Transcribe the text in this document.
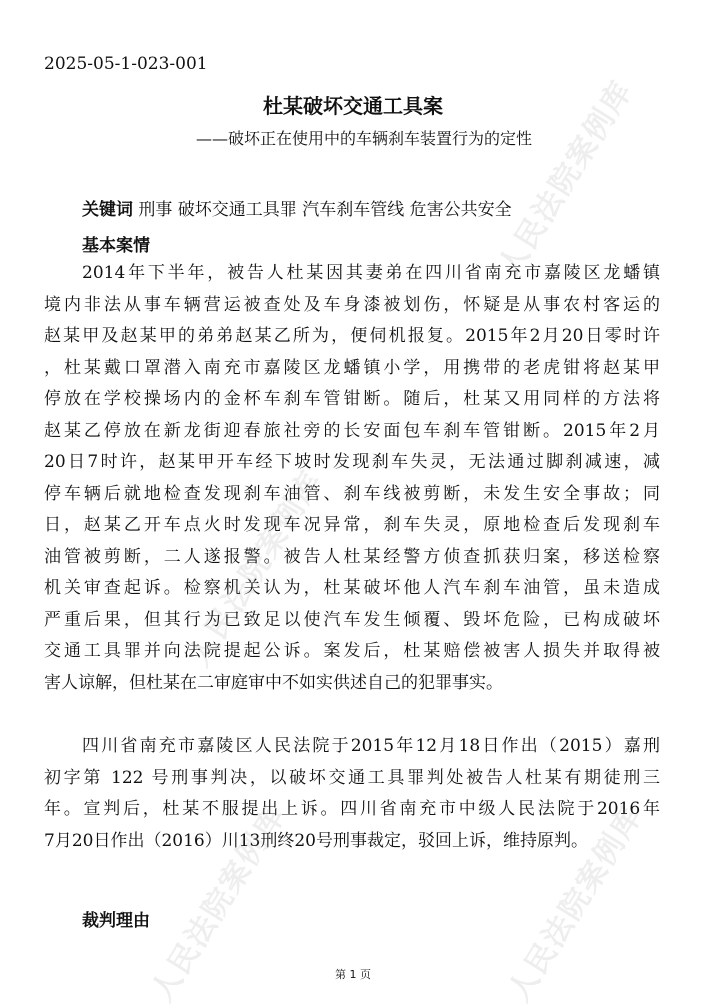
人民法院案例库
人民法院案例库
人民法院案例库	人民法院案例库
2025-05-1-023-001
杜某破坏交通工具案
——破坏正在使用中的车辆刹车装置行为的定性
关键词 刑事 破坏交通工具罪 汽车刹车管线 危害公共安全
基本案情
2014年下半年，被告人杜某因其妻弟在四川省南充市嘉陵区龙蟠镇
境内非法从事车辆营运被查处及车身漆被划伤，怀疑是从事农村客运的
赵某甲及赵某甲的弟弟赵某乙所为，便伺机报复。2015年2月20日零时许
，杜某戴口罩潜入南充市嘉陵区龙蟠镇小学，用携带的老虎钳将赵某甲
停放在学校操场内的金杯车刹车管钳断。随后，杜某又用同样的方法将
赵某乙停放在新龙街迎春旅社旁的长安面包车刹车管钳断。2015年2月
20日7时许，赵某甲开车经下坡时发现刹车失灵，无法通过脚刹减速，减
停车辆后就地检查发现刹车油管、刹车线被剪断，未发生安全事故；同
日，赵某乙开车点火时发现车况异常，刹车失灵，原地检查后发现刹车
油管被剪断，二人遂报警。被告人杜某经警方侦查抓获归案，移送检察
机关审查起诉。检察机关认为，杜某破坏他人汽车刹车油管，虽未造成
严重后果，但其行为已致足以使汽车发生倾覆、毁坏危险，已构成破坏
交通工具罪并向法院提起公诉。案发后，杜某赔偿被害人损失并取得被
害人谅解，但杜某在二审庭审中不如实供述自己的犯罪事实。
四川省南充市嘉陵区人民法院于2015年12月18日作出（2015）嘉刑
初字第 122 号刑事判决，以破坏交通工具罪判处被告人杜某有期徒刑三
年。宣判后，杜某不服提出上诉。四川省南充市中级人民法院于2016年
7月20日作出（2016）川13刑终20号刑事裁定，驳回上诉，维持原判。
裁判理由
第 1 页
